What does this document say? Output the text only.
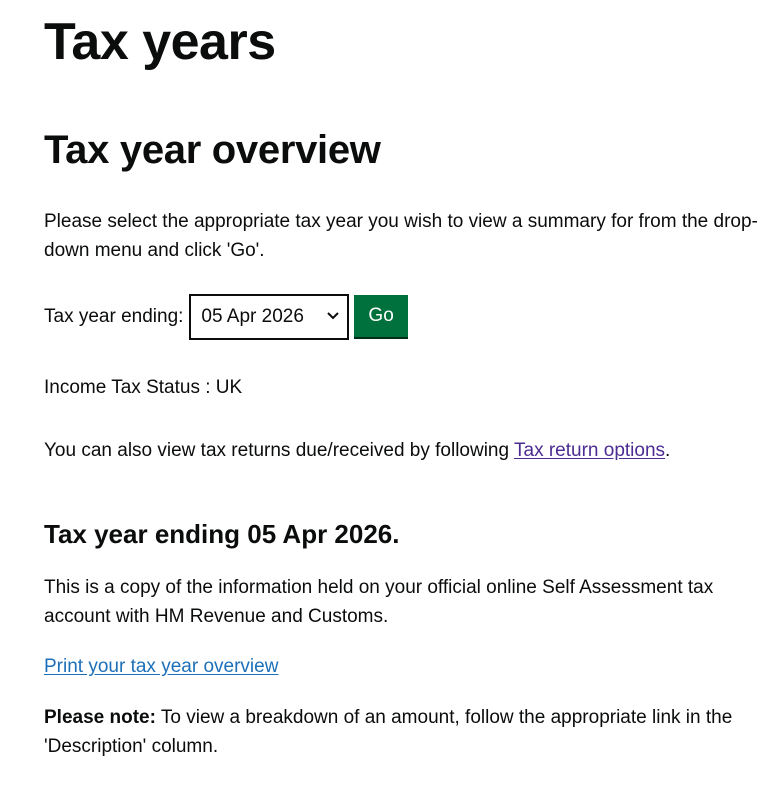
Tax years
Tax year overview

Please select the appropriate tax year you wish to view a summary for from the drop-down menu and click 'Go'.

Tax year ending: 05 Apr 2026	Go

Income Tax Status : UK

You can also view tax returns due/received by following Tax return options.

Tax year ending 05 Apr 2026.

This is a copy of the information held on your official online Self Assessment tax account with HM Revenue and Customs.

Print your tax year overview

Please note: To view a breakdown of an amount, follow the appropriate link in the 'Description' column.
